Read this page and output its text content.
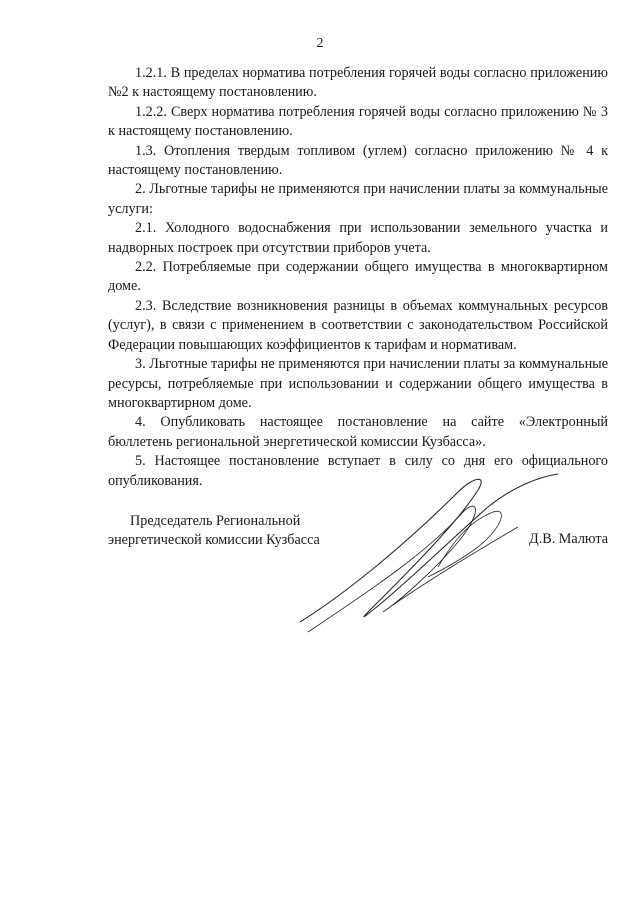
2

1.2.1. В пределах норматива потребления горячей воды согласно приложению №2 к настоящему постановлению.

1.2.2. Сверх норматива потребления горячей воды согласно приложению № 3 к настоящему постановлению.

1.3. Отопления твердым топливом (углем) согласно приложению № 4 к настоящему постановлению.

2. Льготные тарифы не применяются при начислении платы за коммунальные услуги:

2.1. Холодного водоснабжения при использовании земельного участка и надворных построек при отсутствии приборов учета.

2.2. Потребляемые при содержании общего имущества в многоквартирном доме.

2.3. Вследствие возникновения разницы в объемах коммунальных ресурсов (услуг), в связи с применением в соответствии с законодательством Российской Федерации повышающих коэффициентов к тарифам и нормативам.

3. Льготные тарифы не применяются при начислении платы за коммунальные ресурсы, потребляемые при использовании и содержании общего имущества в многоквартирном доме.

4. Опубликовать настоящее постановление на сайте «Электронный бюллетень региональной энергетической комиссии Кузбасса».

5. Настоящее постановление вступает в силу со дня его официального опубликования.

Председатель Региональной
энергетической комиссии Кузбасса	Д.В. Малюта
